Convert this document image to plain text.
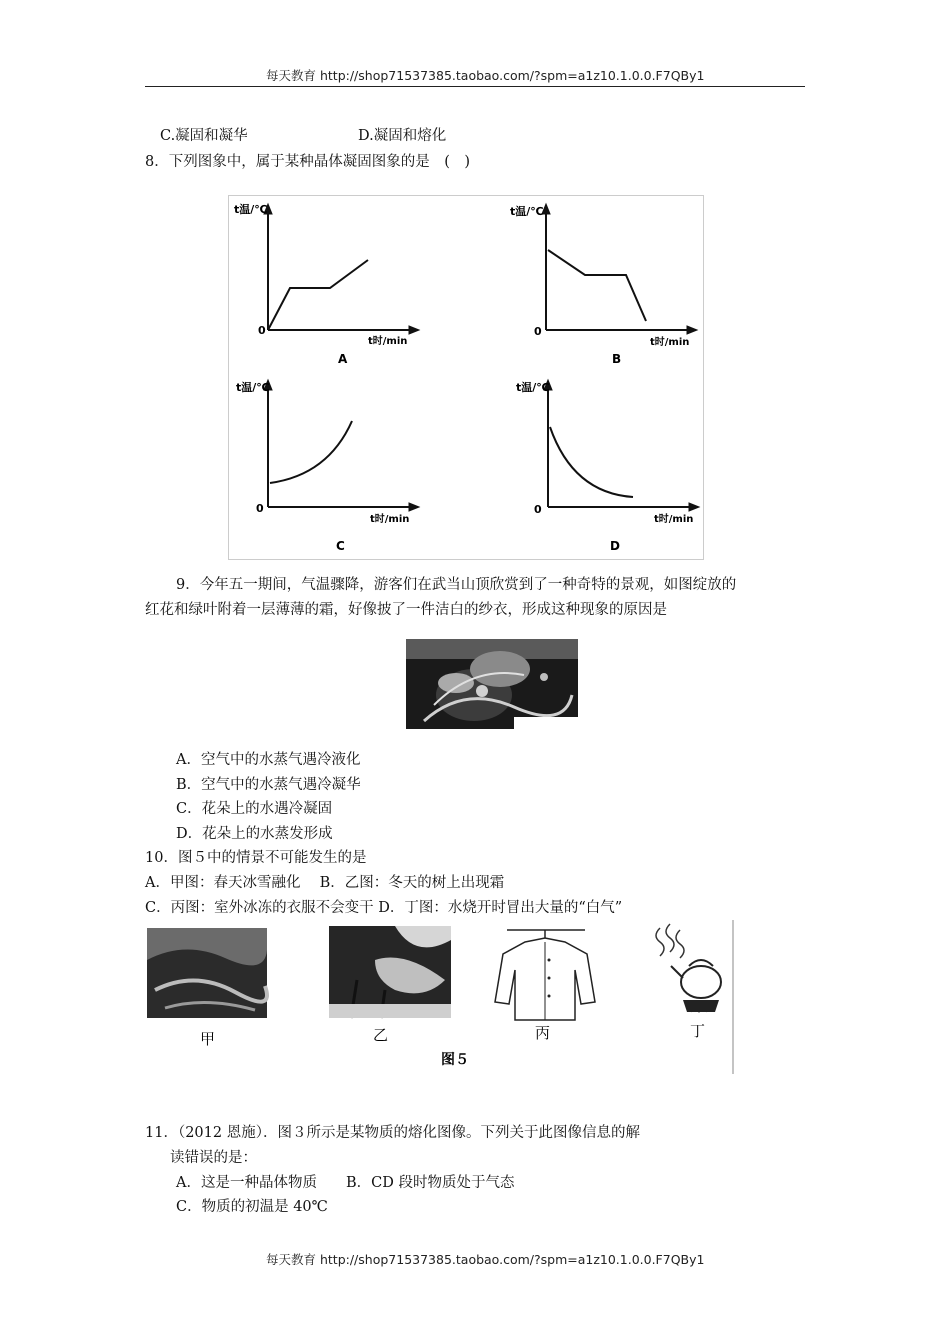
每天教育 http://shop71537385.taobao.com/?spm=a1z10.1.0.0.F7QBy1
C.凝固和凝华	D.凝固和熔化
8．下列图象中，属于某种晶体凝固图象的是　(　)
t温/℃
0
t时/min
A
t温/℃
0
t时/min
B
t温/℃
0
t时/min
C
t温/℃
0
t时/min
D
9．今年五一期间，气温骤降，游客们在武当山顶欣赏到了一种奇特的景观，如图绽放的
红花和绿叶附着一层薄薄的霜，好像披了一件洁白的纱衣，形成这种现象的原因是
A．空气中的水蒸气遇冷液化
B．空气中的水蒸气遇冷凝华
C．花朵上的水遇冷凝固
D．花朵上的水蒸发形成
10．图５中的情景不可能发生的是
A．甲图：春天冰雪融化　 B．乙图：冬天的树上出现霜
C．丙图：室外冰冻的衣服不会变干 D．丁图：水烧开时冒出大量的“白气”
甲	乙	丙	丁
图５
11．（2012 恩施）．图３所示是某物质的熔化图像。下列关于此图像信息的解
读错误的是：
A．这是一种晶体物质　　B．CD 段时物质处于气态
C．物质的初温是 40℃
每天教育 http://shop71537385.taobao.com/?spm=a1z10.1.0.0.F7QBy1
